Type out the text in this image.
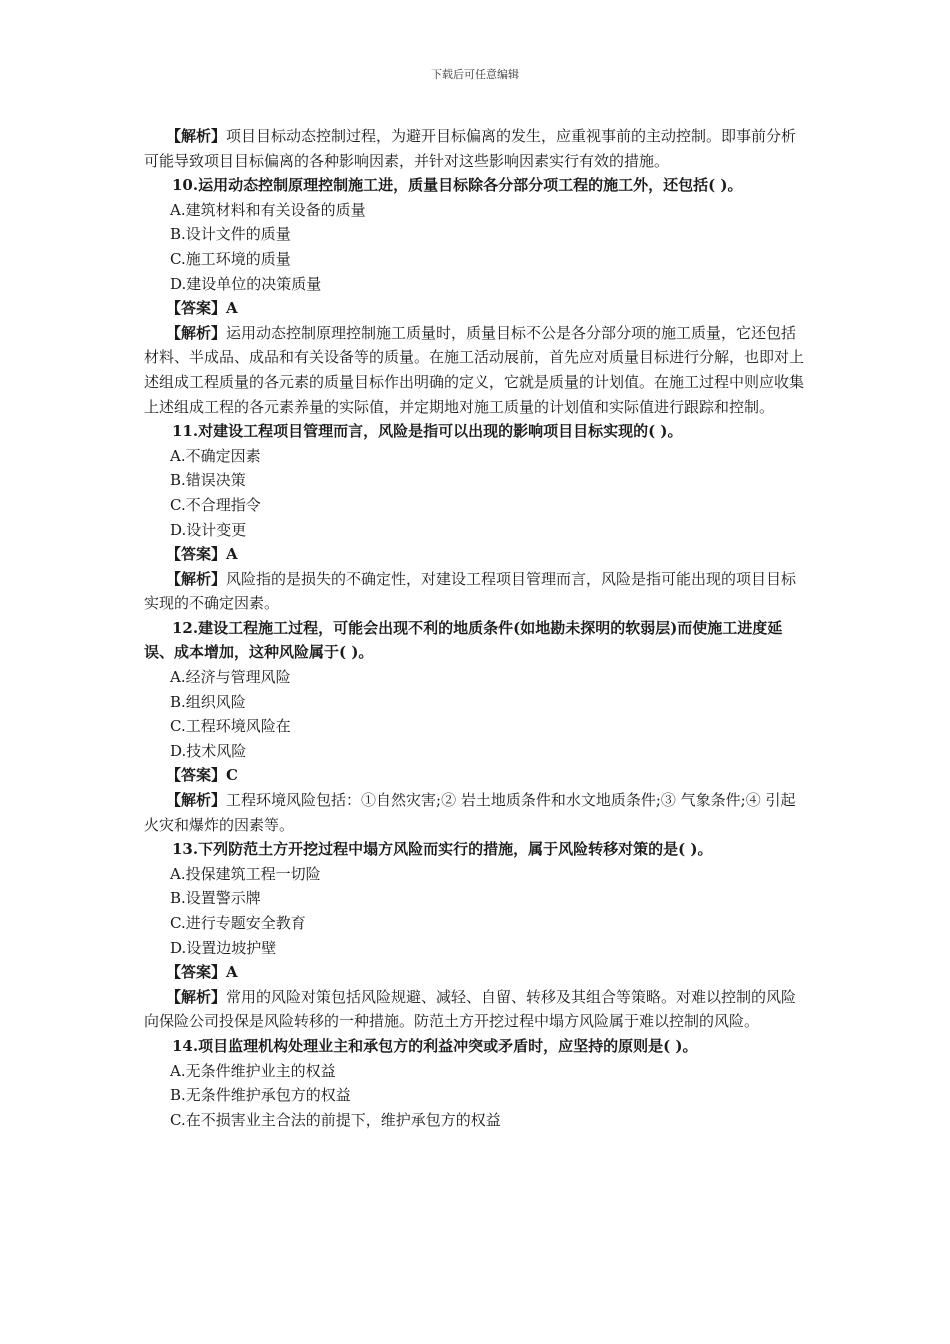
下载后可任意编辑

【解析】项目目标动态控制过程，为避开目标偏离的发生，应重视事前的主动控制。即事前分析可能导致项目目标偏离的各种影响因素，并针对这些影响因素实行有效的措施。

10.运用动态控制原理控制施工进，质量目标除各分部分项工程的施工外，还包括( )。

A.建筑材料和有关设备的质量

B.设计文件的质量

C.施工环境的质量

D.建设单位的决策质量

【答案】A

【解析】运用动态控制原理控制施工质量时，质量目标不公是各分部分项的施工质量，它还包括材料、半成品、成品和有关设备等的质量。在施工活动展前，首先应对质量目标进行分解，也即对上述组成工程质量的各元素的质量目标作出明确的定义，它就是质量的计划值。在施工过程中则应收集上述组成工程的各元素养量的实际值，并定期地对施工质量的计划值和实际值进行跟踪和控制。

11.对建设工程项目管理而言，风险是指可以出现的影响项目目标实现的( )。

A.不确定因素

B.错误决策

C.不合理指令

D.设计变更

【答案】A

【解析】风险指的是损失的不确定性，对建设工程项目管理而言，风险是指可能出现的项目目标实现的不确定因素。

12.建设工程施工过程，可能会出现不利的地质条件(如地勘未探明的软弱层)而使施工进度延误、成本增加，这种风险属于( )。

A.经济与管理风险

B.组织风险

C.工程环境风险在

D.技术风险

【答案】C

【解析】工程环境风险包括：①自然灾害;② 岩土地质条件和水文地质条件;③ 气象条件;④ 引起火灾和爆炸的因素等。

13.下列防范土方开挖过程中塌方风险而实行的措施，属于风险转移对策的是( )。

A.投保建筑工程一切险

B.设置警示牌

C.进行专题安全教育

D.设置边坡护壁

【答案】A

【解析】常用的风险对策包括风险规避、减轻、自留、转移及其组合等策略。对难以控制的风险向保险公司投保是风险转移的一种措施。防范土方开挖过程中塌方风险属于难以控制的风险。

14.项目监理机构处理业主和承包方的利益冲突或矛盾时，应坚持的原则是( )。

A.无条件维护业主的权益

B.无条件维护承包方的权益

C.在不损害业主合法的前提下，维护承包方的权益
